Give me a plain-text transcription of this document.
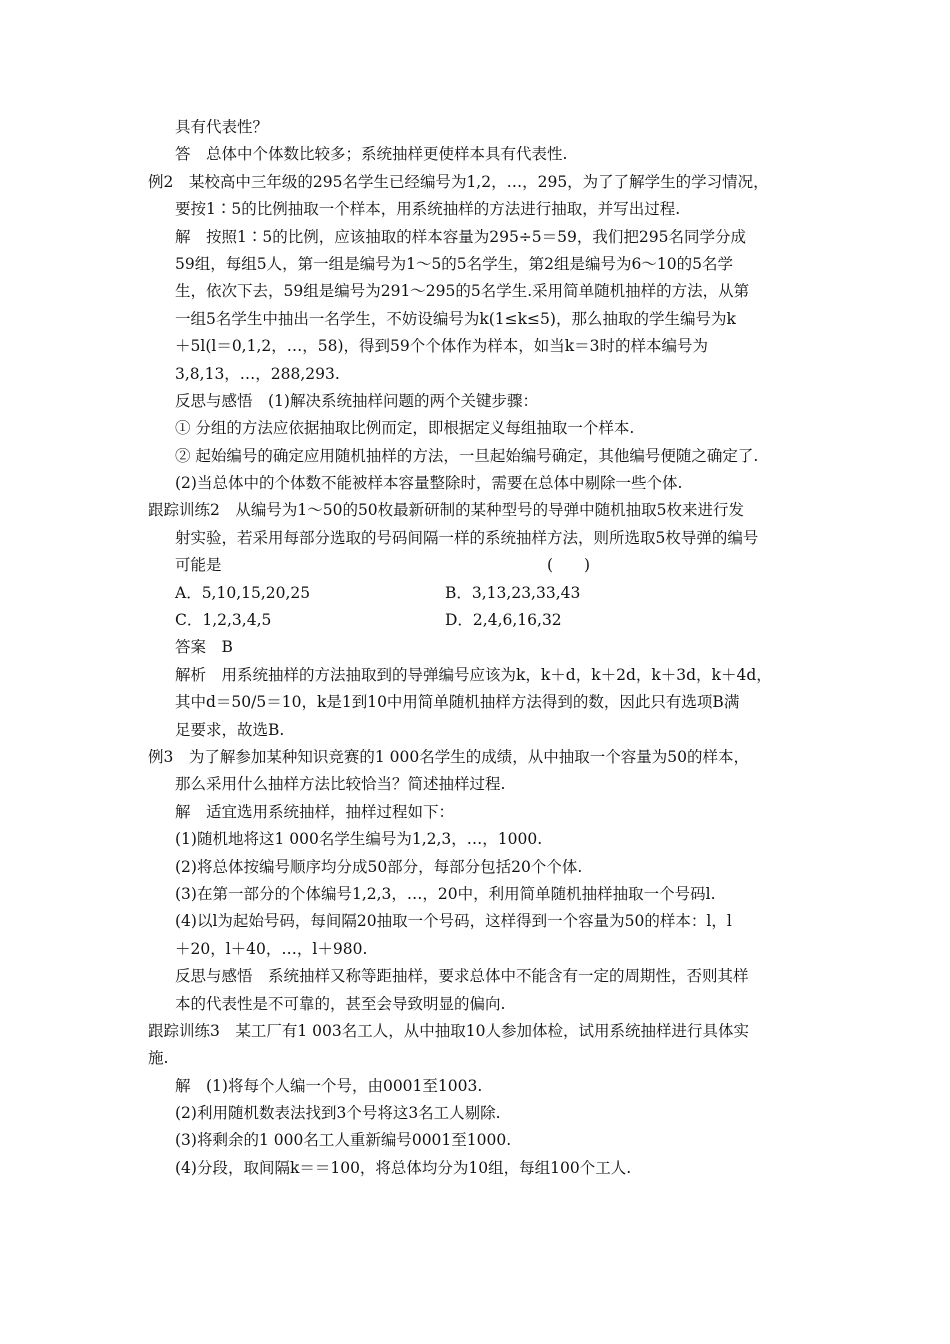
具有代表性？
答　总体中个体数比较多；系统抽样更使样本具有代表性.
例2　某校高中三年级的295名学生已经编号为1,2，…，295，为了了解学生的学习情况，
要按1∶5的比例抽取一个样本，用系统抽样的方法进行抽取，并写出过程.
解　按照1∶5的比例，应该抽取的样本容量为295÷5＝59，我们把295名同学分成
59组，每组5人，第一组是编号为1～5的5名学生，第2组是编号为6～10的5名学
生，依次下去，59组是编号为291～295的5名学生.采用简单随机抽样的方法，从第
一组5名学生中抽出一名学生，不妨设编号为k(1≤k≤5)，那么抽取的学生编号为k
＋5l(l＝0,1,2，…，58)，得到59个个体作为样本，如当k＝3时的样本编号为
3,8,13，…，288,293.
反思与感悟　(1)解决系统抽样问题的两个关键步骤：
① 分组的方法应依据抽取比例而定，即根据定义每组抽取一个样本.
② 起始编号的确定应用随机抽样的方法，一旦起始编号确定，其他编号便随之确定了.
(2)当总体中的个体数不能被样本容量整除时，需要在总体中剔除一些个体.
跟踪训练2　从编号为1～50的50枚最新研制的某种型号的导弹中随机抽取5枚来进行发
射实验，若采用每部分选取的号码间隔一样的系统抽样方法，则所选取5枚导弹的编号
可能是　　　　　　　　　　　　　　　　　　　　　(　　)
A．5,10,15,20,25	B．3,13,23,33,43
C．1,2,3,4,5	D．2,4,6,16,32
答案　B
解析　用系统抽样的方法抽取到的导弹编号应该为k，k＋d，k＋2d，k＋3d，k＋4d，
其中d＝50/5＝10，k是1到10中用简单随机抽样方法得到的数，因此只有选项B满
足要求，故选B.
例3　为了解参加某种知识竞赛的1 000名学生的成绩，从中抽取一个容量为50的样本，
那么采用什么抽样方法比较恰当？简述抽样过程.
解　适宜选用系统抽样，抽样过程如下：
(1)随机地将这1 000名学生编号为1,2,3，…，1000.
(2)将总体按编号顺序均分成50部分，每部分包括20个个体.
(3)在第一部分的个体编号1,2,3，…，20中，利用简单随机抽样抽取一个号码l.
(4)以l为起始号码，每间隔20抽取一个号码，这样得到一个容量为50的样本：l，l
＋20，l＋40，…，l＋980.
反思与感悟　系统抽样又称等距抽样，要求总体中不能含有一定的周期性，否则其样
本的代表性是不可靠的，甚至会导致明显的偏向.
跟踪训练3　某工厂有1 003名工人，从中抽取10人参加体检，试用系统抽样进行具体实
施.
解　(1)将每个人编一个号，由0001至1003.
(2)利用随机数表法找到3个号将这3名工人剔除.
(3)将剩余的1 000名工人重新编号0001至1000.
(4)分段，取间隔k＝＝100，将总体均分为10组，每组100个工人.
